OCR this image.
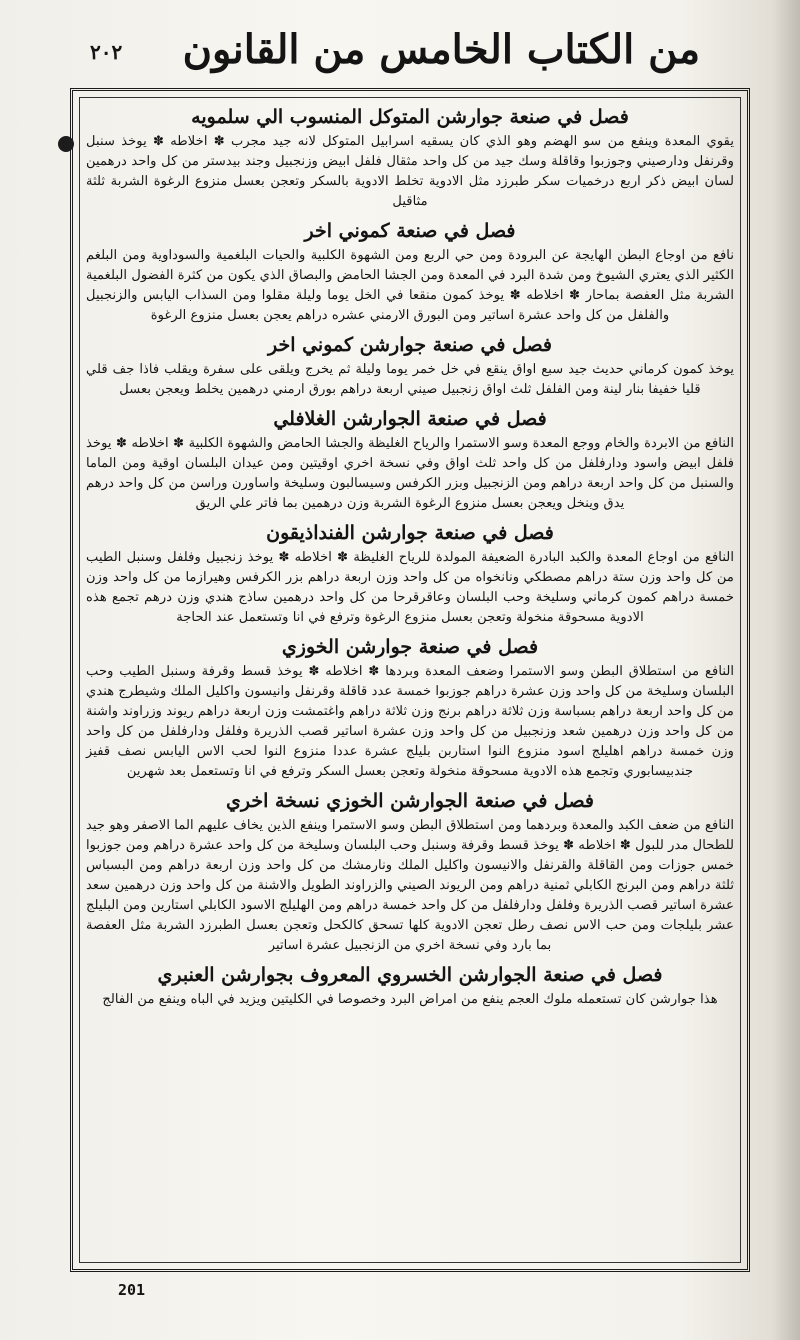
من الكتاب الخامس من القانون
٢٠٢
فصل في صنعة جوارشن المتوكل المنسوب الي سلمويه
يقوي المعدة وينفع من سو الهضم وهو الذي كان يسقيه اسرابيل المتوكل لانه جيد مجرب ✽ اخلاطه ✽ يوخذ سنبل وقرنفل ودارصيني وجوزبوا وقاقلة وسك جيد من كل واحد مثقال فلفل ابيض وزنجبيل وجند بيدستر من كل واحد درهمين لسان ابيض ذكر اربع درخميات سكر طبرزد مثل الادوية تخلط الادوية بالسكر وتعجن بعسل منزوع الرغوة الشربة ثلثة مثاقيل
فصل في صنعة كموني اخر
نافع من اوجاع البطن الهايجة عن البرودة ومن حي الربع ومن الشهوة الكلبية والحيات البلغمية والسوداوية ومن البلغم الكثير الذي يعتري الشيوخ ومن شدة البرد في المعدة ومن الجشا الحامض والبصاق الذي يكون من كثرة الفضول البلغمية الشربة مثل العفصة بماحار ✽ اخلاطه ✽ يوخذ كمون منقعا في الخل يوما وليلة مقلوا ومن السذاب اليابس والزنجبيل والفلفل من كل واحد عشرة اساتير ومن البورق الارمني عشره دراهم يعجن بعسل منزوع الرغوة
فصل في صنعة جوارشن كموني اخر
يوخذ كمون كرماني حديث جيد سبع اواق ينقع في خل خمر يوما وليلة ثم يخرج ويلقى على سفرة ويقلب فاذا جف قلي قليا خفيفا بنار لينة ومن الفلفل ثلث اواق زنجبيل صيني اربعة دراهم بورق ارمني درهمين يخلط ويعجن بعسل
فصل في صنعة الجوارشن الغلافلي
النافع من الابردة والخام ووجع المعدة وسو الاستمرا والرياح الغليظة والجشا الحامض والشهوة الكلبية ✽ اخلاطه ✽ يوخذ فلفل ابيض واسود ودارفلفل من كل واحد ثلث اواق وفي نسخة اخري اوقيتين ومن عيدان البلسان اوقية ومن الماما والسنبل من كل واحد اربعة دراهم ومن الزنجبيل وبزر الكرفس وسيسالبون وسليخة واساورن وراسن من كل واحد درهم يدق وينخل ويعجن بعسل منزوع الرغوة الشربة وزن درهمين بما فاتر علي الريق
فصل في صنعة جوارشن الفنداذيقون
النافع من اوجاع المعدة والكبد البادرة الضعيفة المولدة للرياح الغليظة ✽ اخلاطه ✽ يوخذ زنجبيل وفلفل وسنبل الطيب من كل واحد وزن ستة دراهم مصطكي ونانخواه من كل واحد وزن اربعة دراهم بزر الكرفس وهيرازما من كل واحد وزن خمسة دراهم كمون كرماني وسليخة وحب البلسان وعاقرقرحا من كل واحد درهمين ساذج هندي وزن درهم تجمع هذه الادوية مسحوقة منخولة وتعجن بعسل منزوع الرغوة وترفع في انا وتستعمل عند الحاجة
فصل في صنعة جوارشن الخوزي
النافع من استطلاق البطن وسو الاستمرا وضعف المعدة وبردها ✽ اخلاطه ✽ يوخذ قسط وقرفة وسنبل الطيب وحب البلسان وسليخة من كل واحد وزن عشرة دراهم جوزبوا خمسة عدد قاقلة وقرنفل وانيسون واكليل الملك وشيطرج هندي من كل واحد اربعة دراهم بسباسة وزن ثلاثة دراهم برنج وزن ثلاثة دراهم واغتمشت وزن اربعة دراهم ريوند وزراوند واشنة من كل واحد وزن درهمين شعد وزنجبيل من كل واحد وزن عشرة اساتير قصب الذريرة وفلفل ودارفلفل من كل واحد وزن خمسة دراهم اهليلج اسود منزوع النوا استاربن بليلج عشرة عددا منزوع النوا لحب الاس اليابس نصف قفيز جندبيسابوري وتجمع هذه الادوية مسحوقة منخولة وتعجن بعسل السكر وترفع في انا وتستعمل بعد شهرين
فصل في صنعة الجوارشن الخوزي نسخة اخري
النافع من ضعف الكبد والمعدة وبردهما ومن استطلاق البطن وسو الاستمرا وينفع الذين يخاف عليهم الما الاصفر وهو جيد للطحال مدر للبول ✽ اخلاطه ✽ يوخذ قسط وقرفة وسنبل وحب البلسان وسليخة من كل واحد عشرة دراهم ومن جوزبوا خمس جوزات ومن القاقلة والقرنفل والانيسون واكليل الملك ونارمشك من كل واحد وزن اربعة دراهم ومن البسباس ثلثة دراهم ومن البرنج الكابلي ثمنية دراهم ومن الريوند الصيني والزراوند الطويل والاشنة من كل واحد وزن درهمين سعد عشرة اساتير قصب الذريرة وفلفل ودارفلفل من كل واحد خمسة دراهم ومن الهليلج الاسود الكابلي استارين ومن البليلج عشر بليلجات ومن حب الاس نصف رطل تعجن الادوية كلها تسحق كالكحل وتعجن بعسل الطبرزد الشربة مثل العفصة بما بارد وفي نسخة اخري من الزنجبيل عشرة اساتير
فصل في صنعة الجوارشن الخسروي المعروف بجوارشن العنبري
هذا جوارشن كان تستعمله ملوك العجم ينفع من امراض البرد وخصوصا في الكليتين ويزيد في الباه وينفع من الفالج
201
